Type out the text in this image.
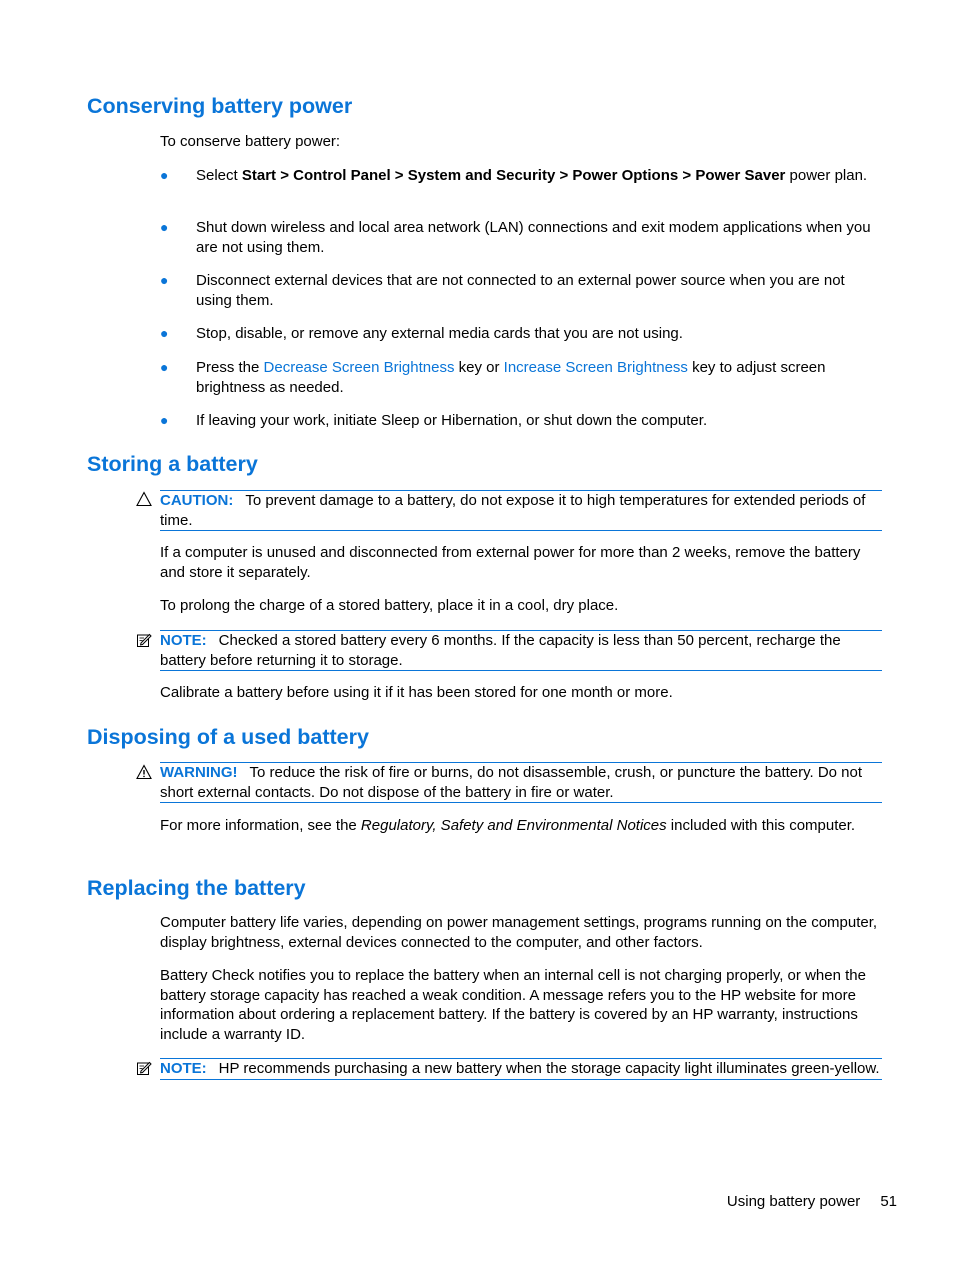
Conserving battery power

To conserve battery power:

● Select Start > Control Panel > System and Security > Power Options > Power Saver power plan.
● Shut down wireless and local area network (LAN) connections and exit modem applications when you are not using them.
● Disconnect external devices that are not connected to an external power source when you are not using them.
● Stop, disable, or remove any external media cards that you are not using.
● Press the Decrease Screen Brightness key or Increase Screen Brightness key to adjust screen brightness as needed.
● If leaving your work, initiate Sleep or Hibernation, or shut down the computer.
Storing a battery

CAUTION: To prevent damage to a battery, do not expose it to high temperatures for extended periods of time.

If a computer is unused and disconnected from external power for more than 2 weeks, remove the battery and store it separately.

To prolong the charge of a stored battery, place it in a cool, dry place.

NOTE: Checked a stored battery every 6 months. If the capacity is less than 50 percent, recharge the battery before returning it to storage.

Calibrate a battery before using it if it has been stored for one month or more.

Disposing of a used battery

WARNING! To reduce the risk of fire or burns, do not disassemble, crush, or puncture the battery. Do not short external contacts. Do not dispose of the battery in fire or water.

For more information, see the Regulatory, Safety and Environmental Notices included with this computer.

Replacing the battery

Computer battery life varies, depending on power management settings, programs running on the computer, display brightness, external devices connected to the computer, and other factors.

Battery Check notifies you to replace the battery when an internal cell is not charging properly, or when the battery storage capacity has reached a weak condition. A message refers you to the HP website for more information about ordering a replacement battery. If the battery is covered by an HP warranty, instructions include a warranty ID.

NOTE: HP recommends purchasing a new battery when the storage capacity light illuminates green-yellow.

Using battery power 51
